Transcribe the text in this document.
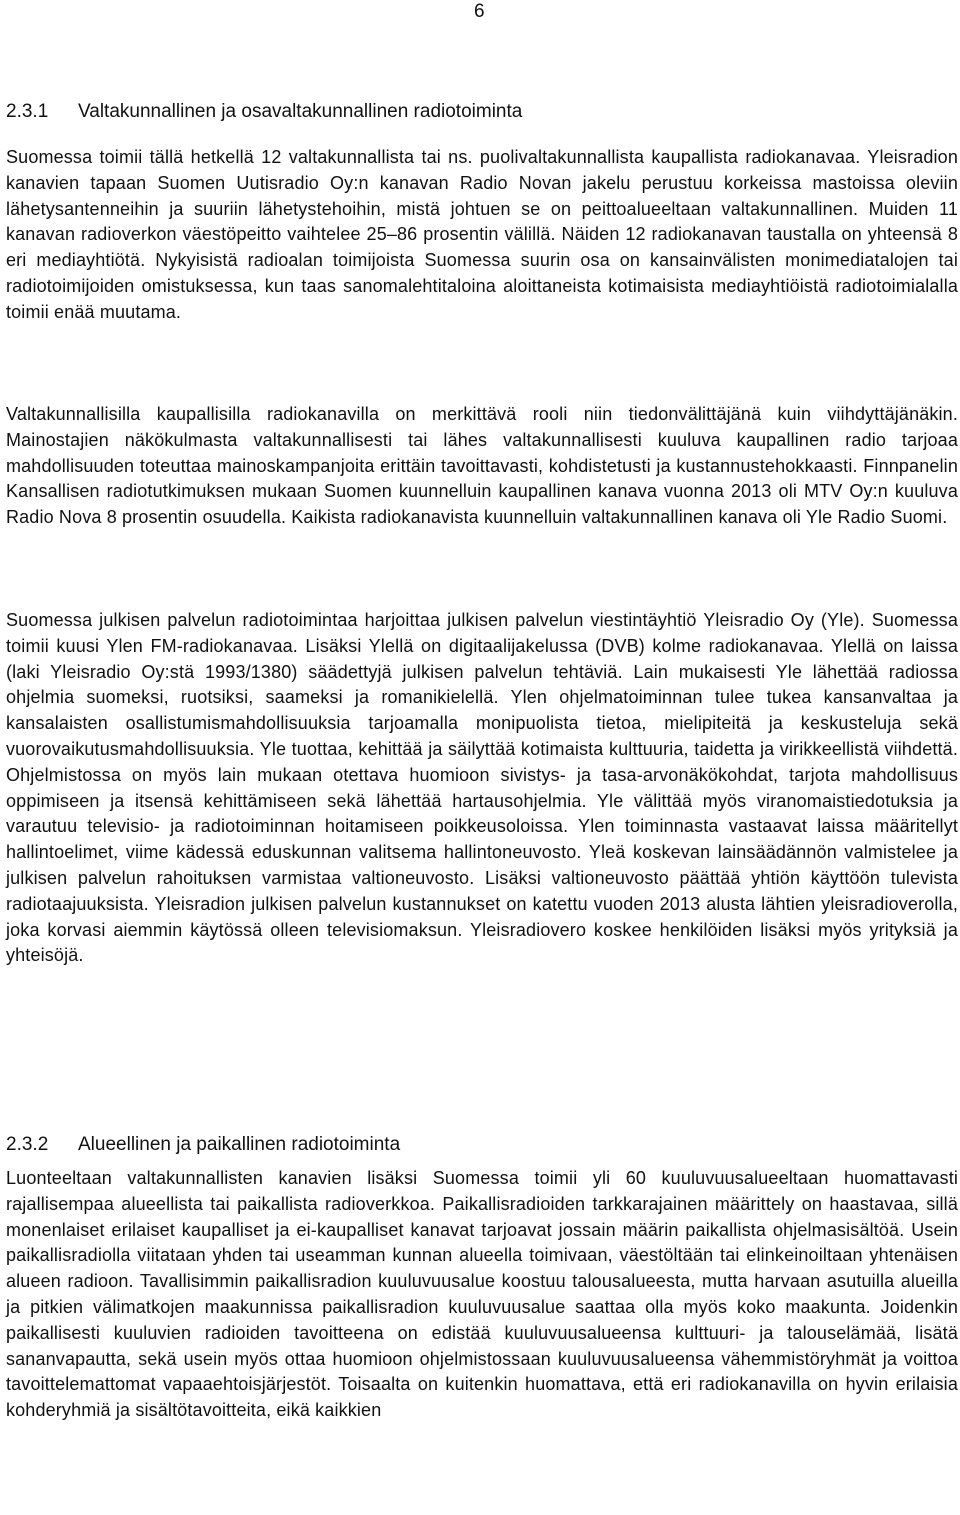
6
2.3.1 Valtakunnallinen ja osavaltakunnallinen radiotoiminta

Suomessa toimii tällä hetkellä 12 valtakunnallista tai ns. puolivaltakunnallista kaupallista radiokanavaa. Yleisradion kanavien tapaan Suomen Uutisradio Oy:n kanavan Radio Novan jakelu perustuu korkeissa mastoissa oleviin lähetysantenneihin ja suuriin lähetystehoihin, mistä johtuen se on peittoalueeltaan valtakunnallinen. Muiden 11 kanavan radioverkon väestöpeitto vaihtelee 25–86 prosentin välillä. Näiden 12 radiokanavan taustalla on yhteensä 8 eri mediayhtiötä. Nykyisistä radioalan toimijoista Suomessa suurin osa on kansainvälisten monimediatalojen tai radiotoimijoiden omistuksessa, kun taas sanomalehtitaloina aloittaneista kotimaisista mediayhtiöistä radiotoimialalla toimii enää muutama.

Valtakunnallisilla kaupallisilla radiokanavilla on merkittävä rooli niin tiedonvälittäjänä kuin viihdyttäjänäkin. Mainostajien näkökulmasta valtakunnallisesti tai lähes valtakunnallisesti kuuluva kaupallinen radio tarjoaa mahdollisuuden toteuttaa mainoskampanjoita erittäin tavoittavasti, kohdistetusti ja kustannustehokkaasti. Finnpanelin Kansallisen radiotutkimuksen mukaan Suomen kuunnelluin kaupallinen kanava vuonna 2013 oli MTV Oy:n kuuluva Radio Nova 8 prosentin osuudella. Kaikista radiokanavista kuunnelluin valtakunnallinen kanava oli Yle Radio Suomi.

Suomessa julkisen palvelun radiotoimintaa harjoittaa julkisen palvelun viestintäyhtiö Yleisradio Oy (Yle). Suomessa toimii kuusi Ylen FM-radiokanavaa. Lisäksi Ylellä on digitaalijakelussa (DVB) kolme radiokanavaa. Ylellä on laissa (laki Yleisradio Oy:stä 1993/1380) säädettyjä julkisen palvelun tehtäviä. Lain mukaisesti Yle lähettää radiossa ohjelmia suomeksi, ruotsiksi, saameksi ja romanikielellä. Ylen ohjelmatoiminnan tulee tukea kansanvaltaa ja kansalaisten osallistumismahdollisuuksia tarjoamalla monipuolista tietoa, mielipiteitä ja keskusteluja sekä vuorovaikutusmahdollisuuksia. Yle tuottaa, kehittää ja säilyttää kotimaista kulttuuria, taidetta ja virikkeellistä viihdettä. Ohjelmistossa on myös lain mukaan otettava huomioon sivistys- ja tasa-arvonäkökohdat, tarjota mahdollisuus oppimiseen ja itsensä kehittämiseen sekä lähettää hartausohjelmia. Yle välittää myös viranomaistiedotuksia ja varautuu televisio- ja radiotoiminnan hoitamiseen poikkeusoloissa. Ylen toiminnasta vastaavat laissa määritellyt hallintoelimet, viime kädessä eduskunnan valitsema hallintoneuvosto. Yleä koskevan lainsäädännön valmistelee ja julkisen palvelun rahoituksen varmistaa valtioneuvosto. Lisäksi valtioneuvosto päättää yhtiön käyttöön tulevista radiotaajuuksista. Yleisradion julkisen palvelun kustannukset on katettu vuoden 2013 alusta lähtien yleisradioverolla, joka korvasi aiemmin käytössä olleen televisiomaksun. Yleisradiovero koskee henkilöiden lisäksi myös yrityksiä ja yhteisöjä.

2.3.2 Alueellinen ja paikallinen radiotoiminta

Luonteeltaan valtakunnallisten kanavien lisäksi Suomessa toimii yli 60 kuuluvuusalueeltaan huomattavasti rajallisempaa alueellista tai paikallista radioverkkoa. Paikallisradioiden tarkkarajainen määrittely on haastavaa, sillä monenlaiset erilaiset kaupalliset ja ei-kaupalliset kanavat tarjoavat jossain määrin paikallista ohjelmasisältöä. Usein paikallisradiolla viitataan yhden tai useamman kunnan alueella toimivaan, väestöltään tai elinkeinoiltaan yhtenäisen alueen radioon. Tavallisimmin paikallisradion kuuluvuusalue koostuu talousalueesta, mutta harvaan asutuilla alueilla ja pitkien välimatkojen maakunnissa paikallisradion kuuluvuusalue saattaa olla myös koko maakunta. Joidenkin paikallisesti kuuluvien radioiden tavoitteena on edistää kuuluvuusalueensa kulttuuri- ja talouselämää, lisätä sananvapautta, sekä usein myös ottaa huomioon ohjelmistossaan kuuluvuusalueensa vähemmistöryhmät ja voittoa tavoittelemattomat vapaaehtoisjärjestöt. Toisaalta on kuitenkin huomattava, että eri radiokanavilla on hyvin erilaisia kohderyhmiä ja sisältötavoitteita, eikä kaikkien
